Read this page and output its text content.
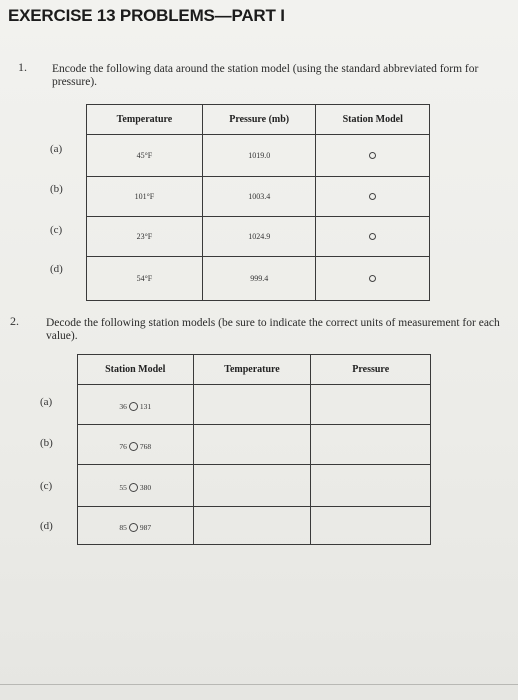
EXERCISE 13 PROBLEMS—PART I
1. Encode the following data around the station model (using the standard abbreviated form for pressure).
(a)
(b)
(c)
(d)
Temperature	Pressure (mb)	Station Model
45°F	1019.0	
101°F	1003.4	
23°F	1024.9	
54°F	999.4	
2. Decode the following station models (be sure to indicate the correct units of measurement for each value).
(a)
(b)
(c)
(d)
Station Model	Temperature	Pressure

36 131		

76 768		

55 380		

85 987		
